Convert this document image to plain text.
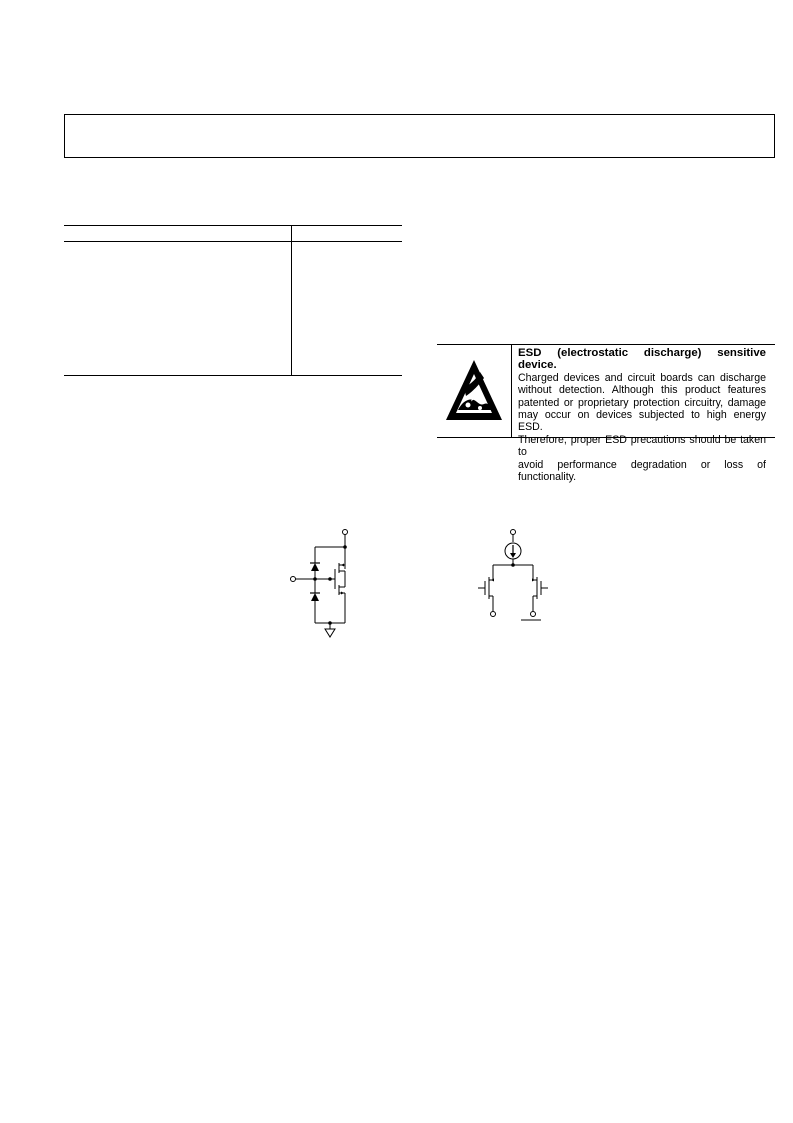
ESD (electrostatic discharge) sensitive device.
Charged devices and circuit boards can discharge
without detection. Although this product features
patented or proprietary protection circuitry, damage
may occur on devices subjected to high energy ESD.
Therefore, proper ESD precautions should be taken to
avoid performance degradation or loss of functionality.
